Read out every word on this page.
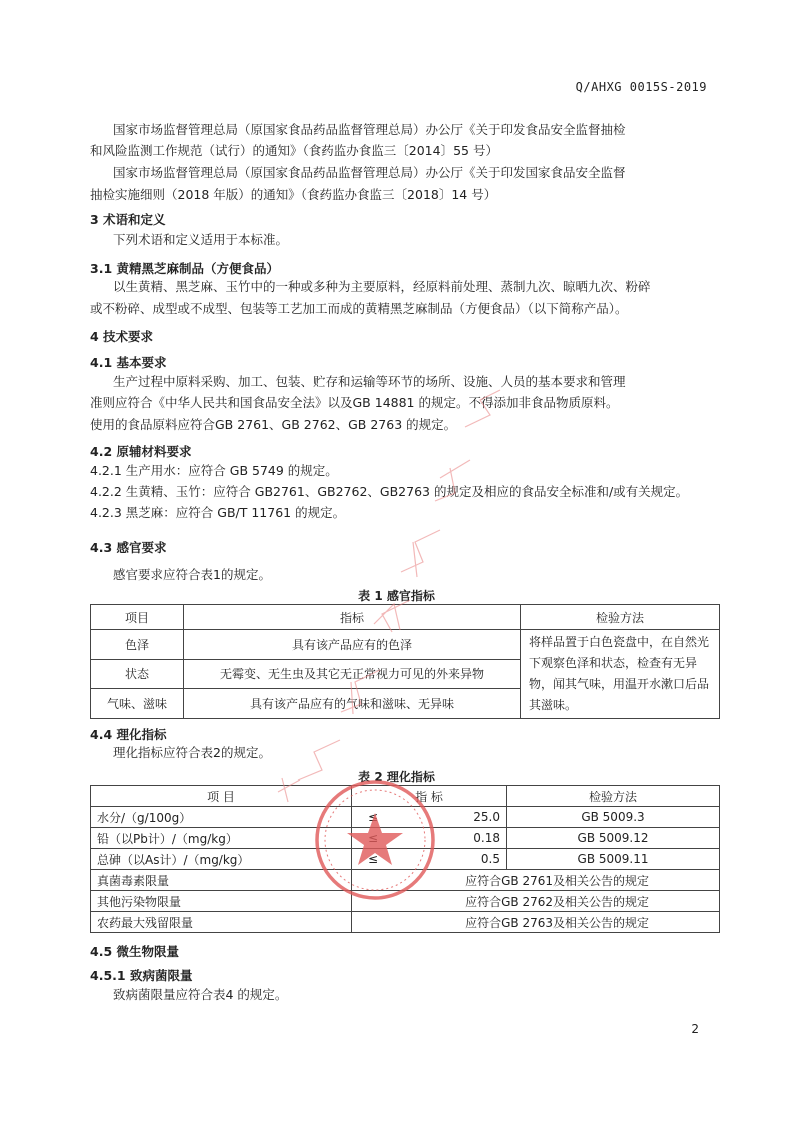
Q/AHXG 0015S-2019
国家市场监督管理总局（原国家食品药品监督管理总局）办公厅《关于印发食品安全监督抽检
和风险监测工作规范（试行）的通知》（食药监办食监三〔2014〕55 号）
国家市场监督管理总局（原国家食品药品监督管理总局）办公厅《关于印发国家食品安全监督
抽检实施细则（2018 年版）的通知》（食药监办食监三〔2018〕14 号）
3 术语和定义
下列术语和定义适用于本标准。
3.1 黄精黑芝麻制品（方便食品）
以生黄精、黑芝麻、玉竹中的一种或多种为主要原料，经原料前处理、蒸制九次、晾晒九次、粉碎
或不粉碎、成型或不成型、包装等工艺加工而成的黄精黑芝麻制品（方便食品）（以下简称产品）。
4 技术要求
4.1 基本要求
生产过程中原料采购、加工、包装、贮存和运输等环节的场所、设施、人员的基本要求和管理
准则应符合《中华人民共和国食品安全法》以及GB 14881 的规定。不得添加非食品物质原料。
使用的食品原料应符合GB 2761、GB 2762、GB 2763 的规定。
4.2 原辅材料要求
4.2.1 生产用水：应符合 GB 5749 的规定。
4.2.2 生黄精、玉竹：应符合 GB2761、GB2762、GB2763 的规定及相应的食品安全标准和/或有关规定。
4.2.3 黑芝麻：应符合 GB/T 11761 的规定。
4.3 感官要求
感官要求应符合表1的规定。
表 1 感官指标
项目	指标	检验方法
色泽	具有该产品应有的色泽	将样品置于白色瓷盘中，在自然光下观察色泽和状态，检查有无异物，闻其气味，用温开水漱口后品其滋味。
状态	无霉变、无生虫及其它无正常视力可见的外来异物	
气味、滋味	具有该产品应有的气味和滋味、无异味	
4.4 理化指标
理化指标应符合表2的规定。
表 2 理化指标
项 目	指 标		检验方法
水分/（g/100g）	≤	25.0	GB 5009.3
铅（以Pb计）/（mg/kg）		0.18	GB 5009.12
总砷（以As计）/（mg/kg）	≤	0.5	GB 5009.11
真菌毒素限量	应符合GB 2761及相关公告的规定		
其他污染物限量	应符合GB 2762及相关公告的规定		
农药最大残留限量	应符合GB 2763及相关公告的规定		
4.5 微生物限量
4.5.1 致病菌限量
致病菌限量应符合表4 的规定。
2
